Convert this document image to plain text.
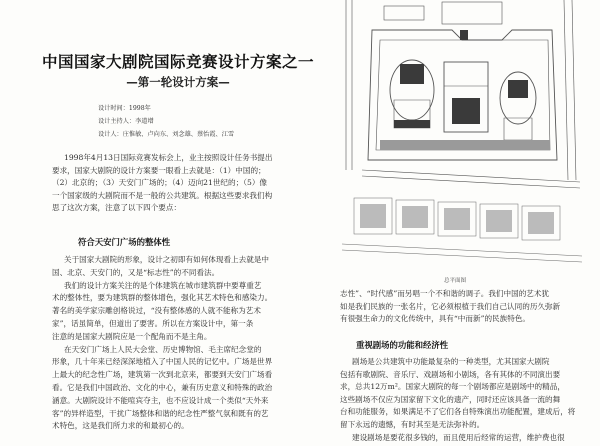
中国国家大剧院国际竞赛设计方案之一
—第一轮设计方案—
设计时间：1998年
设计主持人：李道增
设计人：庄惟敏、卢向东、刘念雄、蔡怡霞、江雪

1998年4月13日国际竞赛发标会上，业主按照设计任务书提出

要求，国家大剧院的设计方案要一眼看上去就是：（1）中国的；

（2）北京的；（3）天安门广场的；（4）迈向21世纪的；（5）像

一个国家级的大剧院而不是一般的公共建筑。根据这些要求我们构

思了这次方案，注意了以下四个要点：

符合天安门广场的整体性

关于国家大剧院的形象，设计之初即有如何体现看上去就是中

国、北京、天安门的，又是“标志性”的不同看法。

我们的设计方案关注的是个体建筑在城市建筑群中要尊重艺

术的整体性，要为建筑群的整体增色，强化其艺术特色和感染力。

著名的美学家宗雕创格说过，“没有整体感的人就不能称为艺术

家”，话虽简单，但道出了要害。所以在方案设计中，第一条

注意的是国家大剧院应是一个配角而不是主角。

在天安门广场上人民大会堂、历史博物馆、毛主席纪念堂的

形象，几十年来已经深深地植入了中国人民的记忆中。广场是世界

上最大的纪念性广场，建筑第一次到北京来，都要到天安门广场看

看。它是我们中国政治、文化的中心，兼有历史意义和特殊的政治

涵意。大剧院设计不能喧宾夺主，也不应设计成一个类似“天外来

客”的异样造型，干扰广场整体和谐的纪念性严整气氛和既有的艺

术特色，这是我们所力求的和最初心的。

总平面图

志性”、“时代感”而另唱一个不和谐的调子。我们中国的艺术犹

如是我们民族的一张名片，它必须根植于我们自己认同的历久弥新

有很强生命力的文化传统中，具有“中而新”的民族特色。

重视剧场的功能和经济性

剧场是公共建筑中功能最复杂的一种类型，尤其国家大剧院

包括有歌剧院、音乐厅、戏剧场和小剧场，各有其体的不同演出要

求，总共12万m²。国家大剧院的每一个剧场都应是剧场中的精品，

这些剧场不仅应为国家留下文化的遗产，同时还应该具备一流的舞

台和功能服务，如果满足不了它们各自特殊演出功能配置，建成后，将

留下永远的遗憾，有时其至是无法弥补的。

建设剧场是要花很多钱的，而且使用后经常的运营，维护费也很
